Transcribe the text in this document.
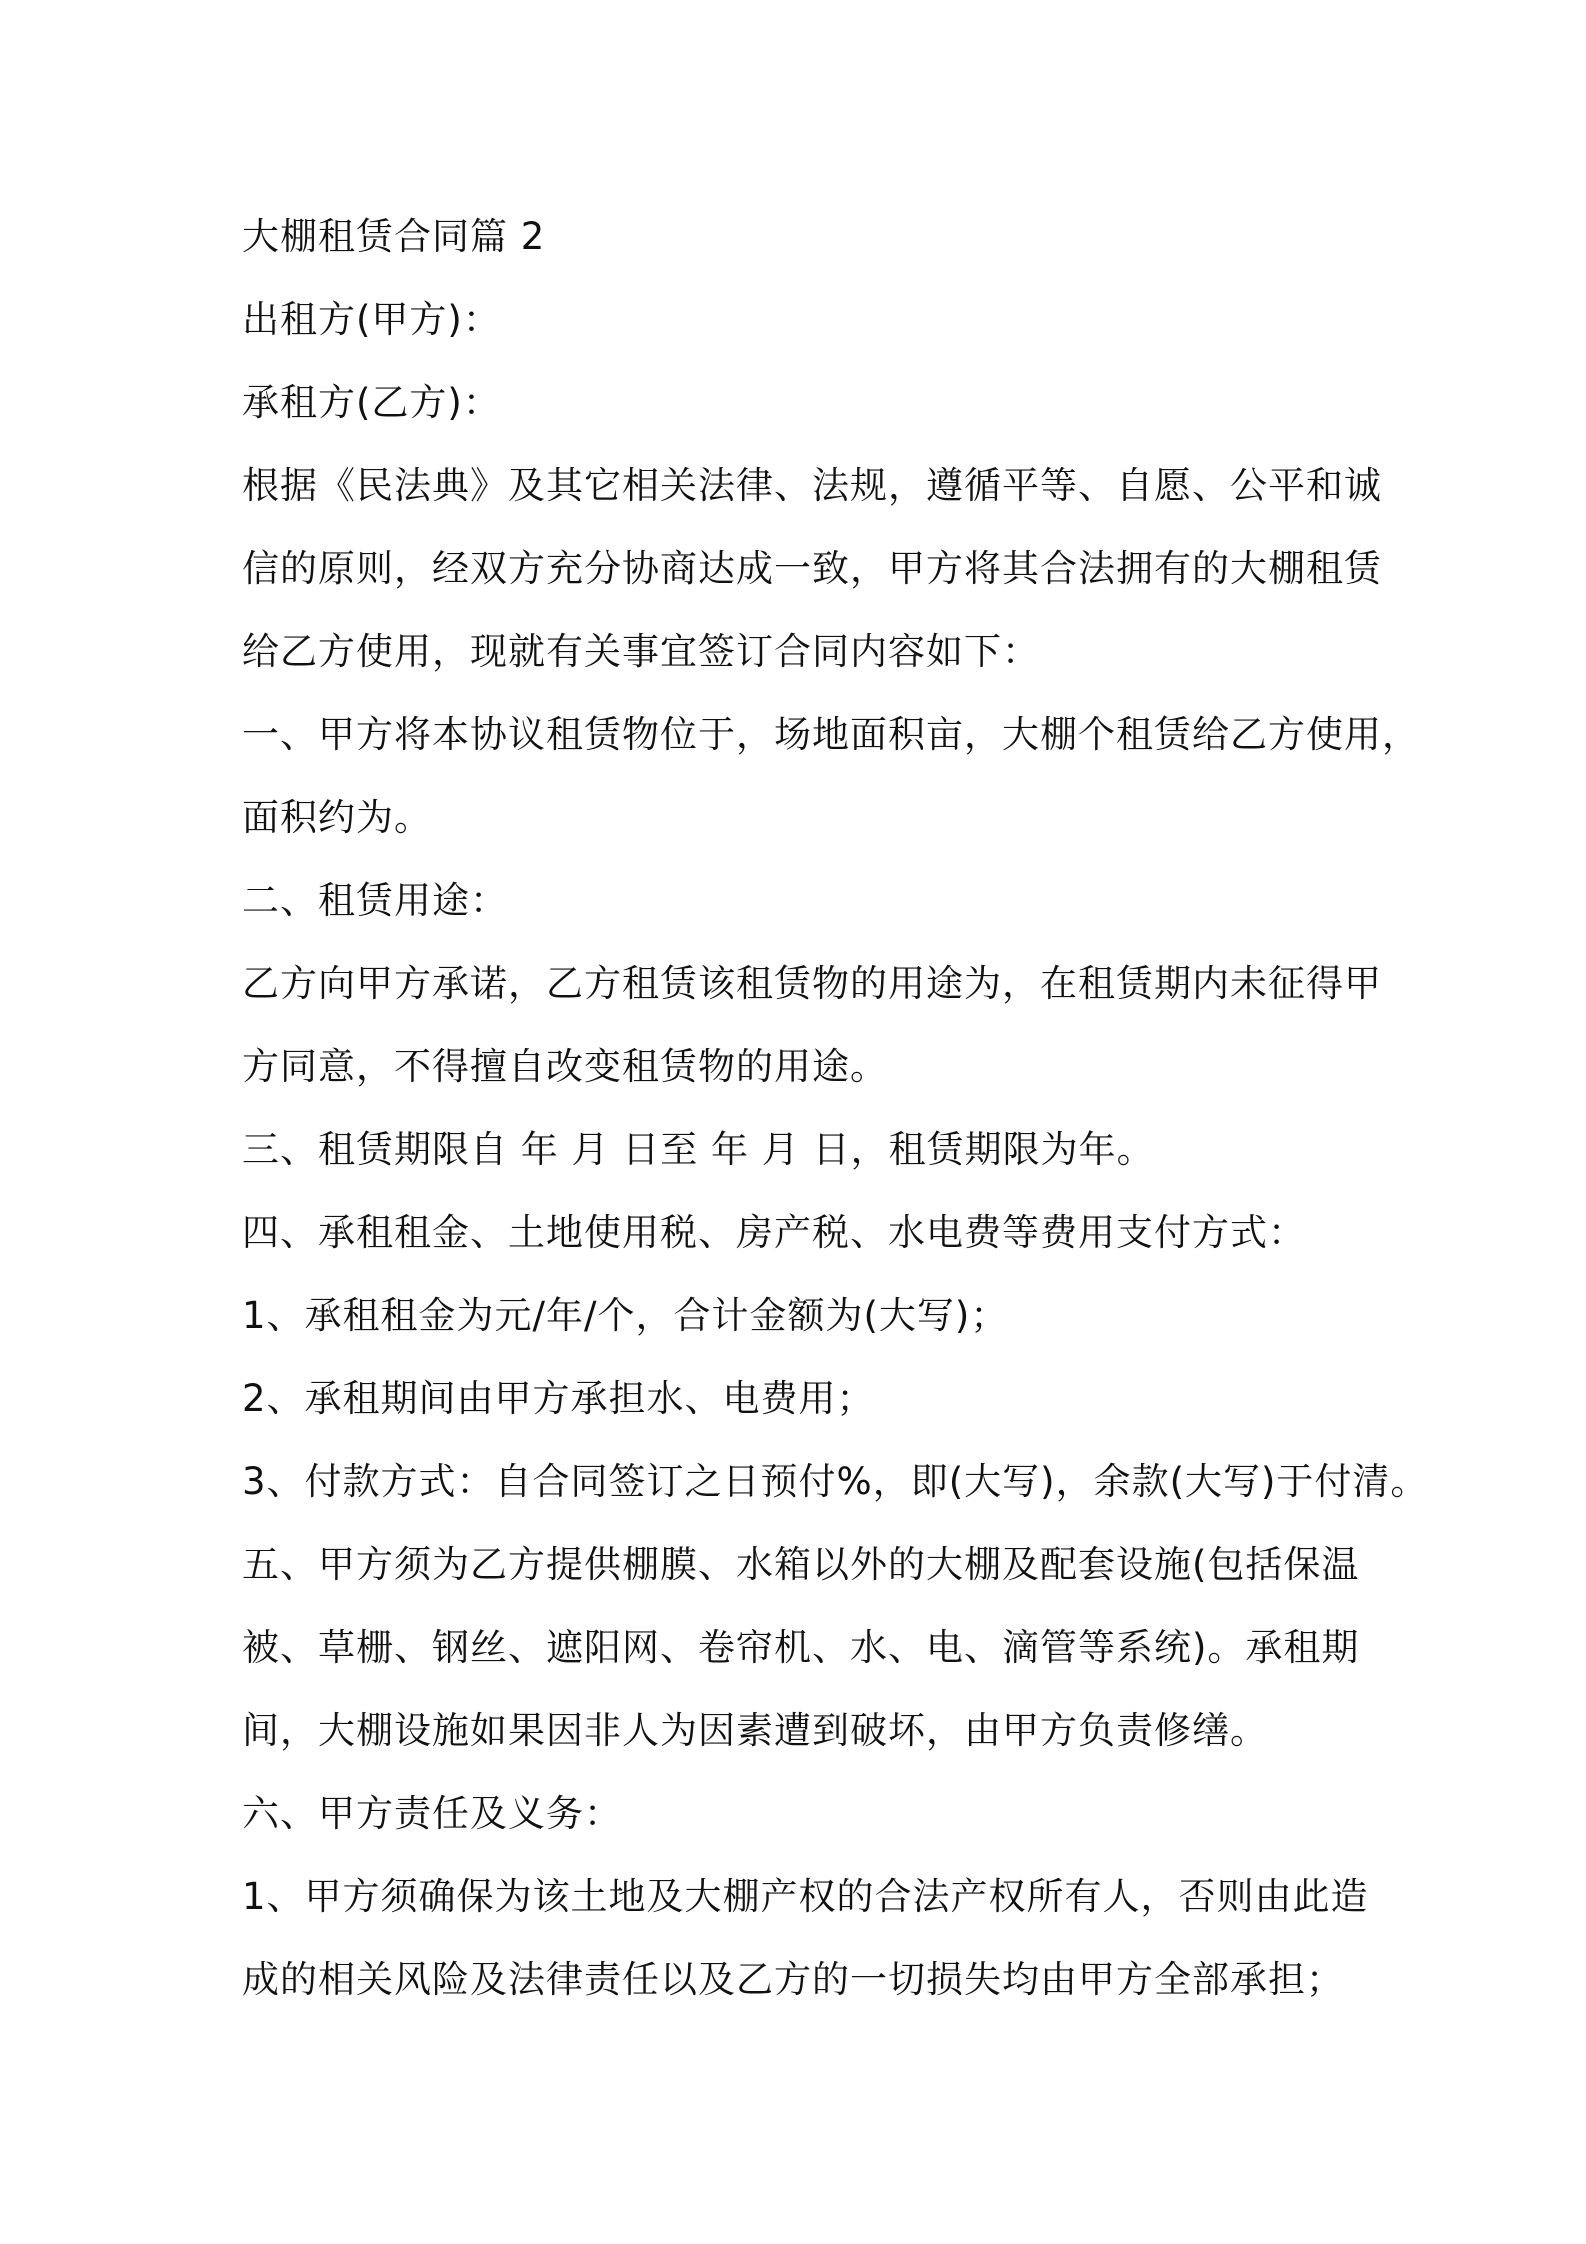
大棚租赁合同篇 2
出租方(甲方)：
承租方(乙方)：
根据《民法典》及其它相关法律、法规，遵循平等、自愿、公平和诚
信的原则，经双方充分协商达成一致，甲方将其合法拥有的大棚租赁
给乙方使用，现就有关事宜签订合同内容如下：
一、甲方将本协议租赁物位于，场地面积亩，大棚个租赁给乙方使用，
面积约为。
二、租赁用途：
乙方向甲方承诺，乙方租赁该租赁物的用途为，在租赁期内未征得甲
方同意，不得擅自改变租赁物的用途。
三、租赁期限自 年 月 日至 年 月 日，租赁期限为年。
四、承租租金、土地使用税、房产税、水电费等费用支付方式：
1、承租租金为元/年/个，合计金额为(大写)；
2、承租期间由甲方承担水、电费用；
3、付款方式：自合同签订之日预付%，即(大写)，余款(大写)于付清。
五、甲方须为乙方提供棚膜、水箱以外的大棚及配套设施(包括保温
被、草栅、钢丝、遮阳网、卷帘机、水、电、滴管等系统)。承租期
间，大棚设施如果因非人为因素遭到破坏，由甲方负责修缮。
六、甲方责任及义务：
1、甲方须确保为该土地及大棚产权的合法产权所有人，否则由此造
成的相关风险及法律责任以及乙方的一切损失均由甲方全部承担；
